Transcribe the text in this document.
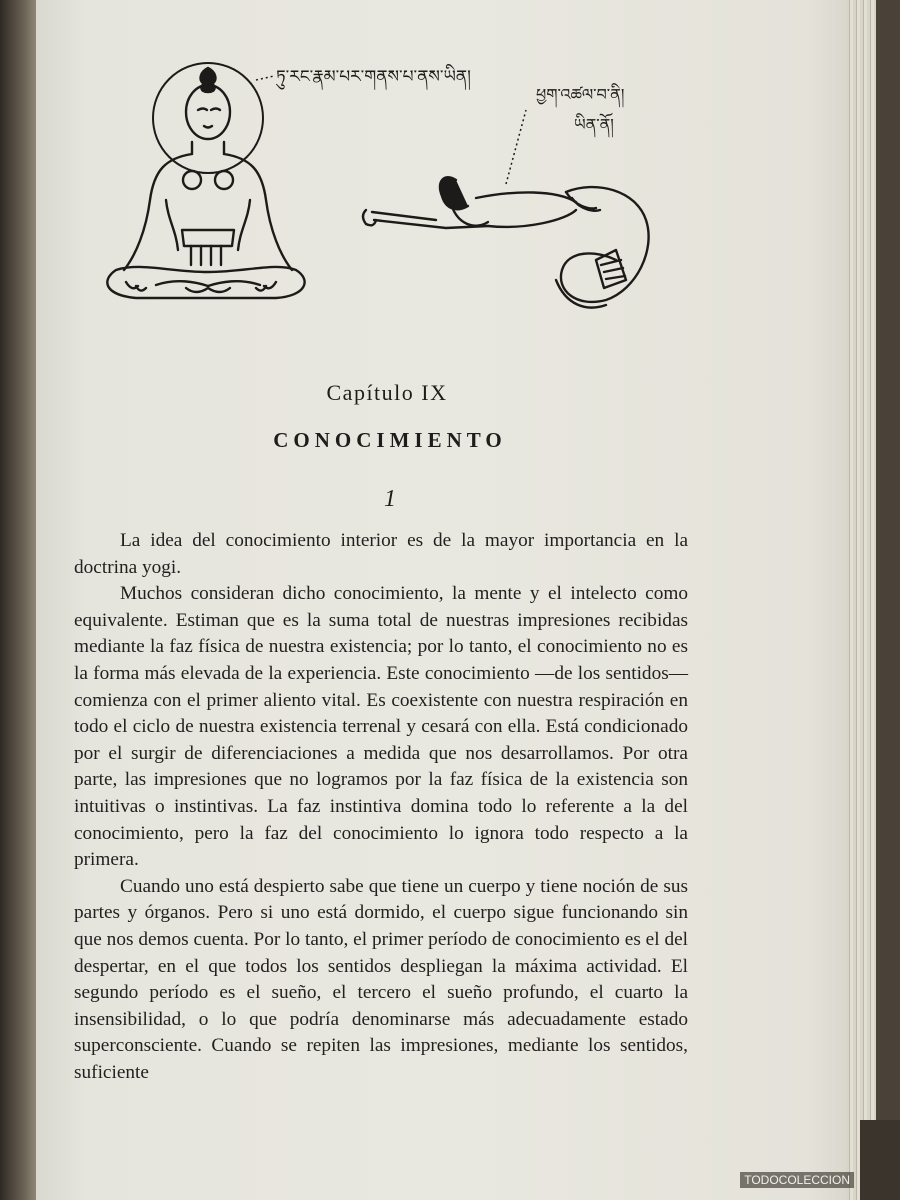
ཏུ་རང་རྣམ་པར་གནས་པ་ནས་ཡིན།
ཕྱག་འཚལ་བ་ནི།
ཡིན་ནོ།
Capítulo IX
CONOCIMIENTO
1

La idea del conocimiento interior es de la mayor importancia en la doctrina yogi.

Muchos consideran dicho conocimiento, la mente y el intelecto como equivalente. Estiman que es la suma total de nuestras impresiones recibidas mediante la faz física de nuestra existencia; por lo tanto, el conocimiento no es la forma más elevada de la experiencia. Este conocimiento —de los sentidos— comienza con el primer aliento vital. Es coexistente con nuestra respiración en todo el ciclo de nuestra existencia terrenal y cesará con ella. Está condicionado por el surgir de diferenciaciones a medida que nos desarrollamos. Por otra parte, las impresiones que no logramos por la faz física de la existencia son intuitivas o instintivas. La faz instintiva domina todo lo referente a la del conocimiento, pero la faz del conocimiento lo ignora todo respecto a la primera.

Cuando uno está despierto sabe que tiene un cuerpo y tiene noción de sus partes y órganos. Pero si uno está dormido, el cuerpo sigue funcionando sin que nos demos cuenta. Por lo tanto, el primer período de conocimiento es el del despertar, en el que todos los sentidos despliegan la máxima actividad. El segundo período es el sueño, el tercero el sueño profundo, el cuarto la insensibilidad, o lo que podría denominarse más adecuadamente estado superconsciente. Cuando se repiten las impresiones, mediante los sentidos, suficiente

TODOCOLECCION
